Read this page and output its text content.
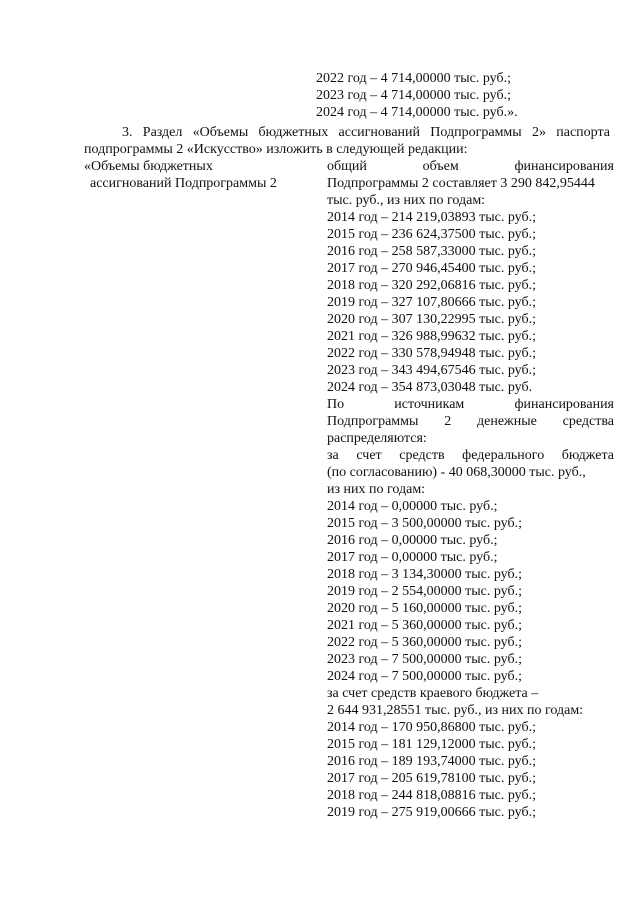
2022 год – 4 714,00000 тыс. руб.;
2023 год – 4 714,00000 тыс. руб.;
2024 год – 4 714,00000 тыс. руб.».
3. Раздел «Объемы бюджетных ассигнований Подпрограммы 2» паспорта
подпрограммы 2 «Искусство» изложить в следующей редакции:
«Объемы бюджетных
ассигнований Подпрограммы 2
общий объем финансирования
Подпрограммы 2 составляет 3 290 842,95444
тыс. руб., из них по годам:
2014 год – 214 219,03893 тыс. руб.;
2015 год – 236 624,37500 тыс. руб.;
2016 год – 258 587,33000 тыс. руб.;
2017 год – 270 946,45400 тыс. руб.;
2018 год – 320 292,06816 тыс. руб.;
2019 год – 327 107,80666 тыс. руб.;
2020 год – 307 130,22995 тыс. руб.;
2021 год – 326 988,99632 тыс. руб.;
2022 год – 330 578,94948 тыс. руб.;
2023 год – 343 494,67546 тыс. руб.;
2024 год – 354 873,03048 тыс. руб.
По источникам финансирования
Подпрограммы 2 денежные средства
распределяются:
за счет средств федерального бюджета
(по согласованию) - 40 068,30000 тыс. руб.,
из них по годам:
2014 год – 0,00000 тыс. руб.;
2015 год – 3 500,00000 тыс. руб.;
2016 год – 0,00000 тыс. руб.;
2017 год – 0,00000 тыс. руб.;
2018 год – 3 134,30000 тыс. руб.;
2019 год – 2 554,00000 тыс. руб.;
2020 год – 5 160,00000 тыс. руб.;
2021 год – 5 360,00000 тыс. руб.;
2022 год – 5 360,00000 тыс. руб.;
2023 год – 7 500,00000 тыс. руб.;
2024 год – 7 500,00000 тыс. руб.;
за счет средств краевого бюджета –
2 644 931,28551 тыс. руб., из них по годам:
2014 год – 170 950,86800 тыс. руб.;
2015 год – 181 129,12000 тыс. руб.;
2016 год – 189 193,74000 тыс. руб.;
2017 год – 205 619,78100 тыс. руб.;
2018 год – 244 818,08816 тыс. руб.;
2019 год – 275 919,00666 тыс. руб.;
